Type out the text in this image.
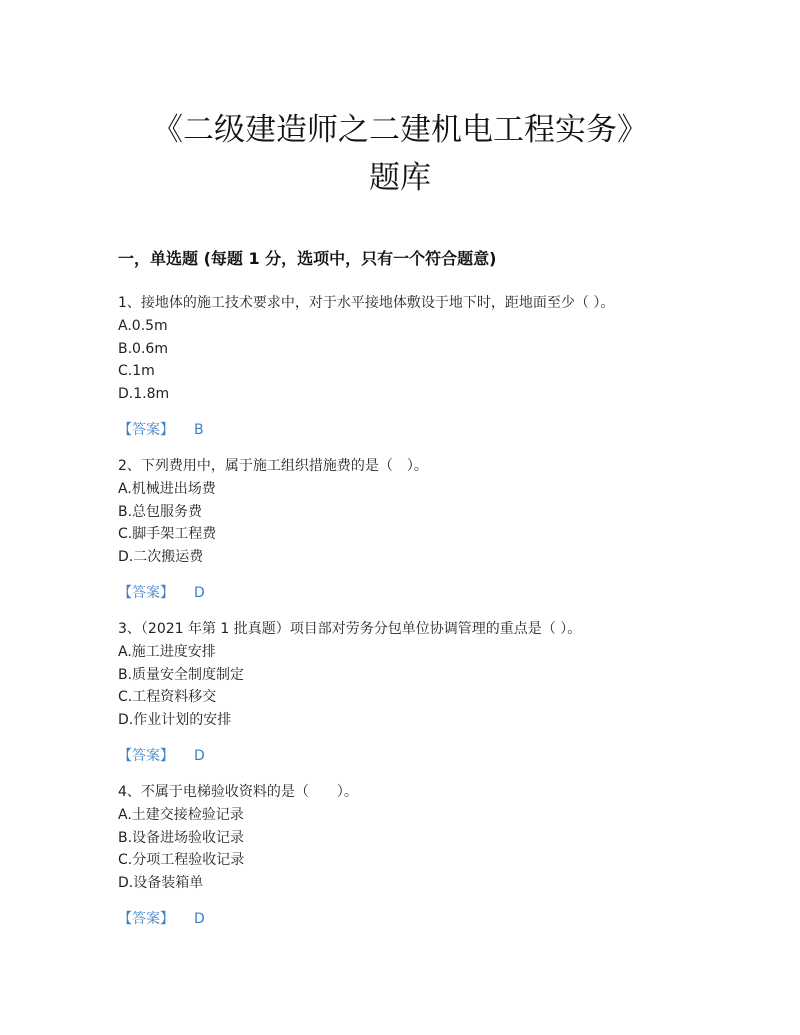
《二级建造师之二建机电工程实务》
题库
一，单选题 (每题 1 分，选项中，只有一个符合题意)
1、接地体的施工技术要求中，对于水平接地体敷设于地下时，距地面至少（ ）。
A.0.5m
B.0.6m
C.1m
D.1.8m
【答案】 B
2、下列费用中，属于施工组织措施费的是（　）。
A.机械进出场费
B.总包服务费
C.脚手架工程费
D.二次搬运费
【答案】 D
3、（2021 年第 1 批真题）项目部对劳务分包单位协调管理的重点是（ ）。
A.施工进度安排
B.质量安全制度制定
C.工程资料移交
D.作业计划的安排
【答案】 D
4、不属于电梯验收资料的是（　　）。
A.土建交接检验记录
B.设备进场验收记录
C.分项工程验收记录
D.设备装箱单
【答案】 D
